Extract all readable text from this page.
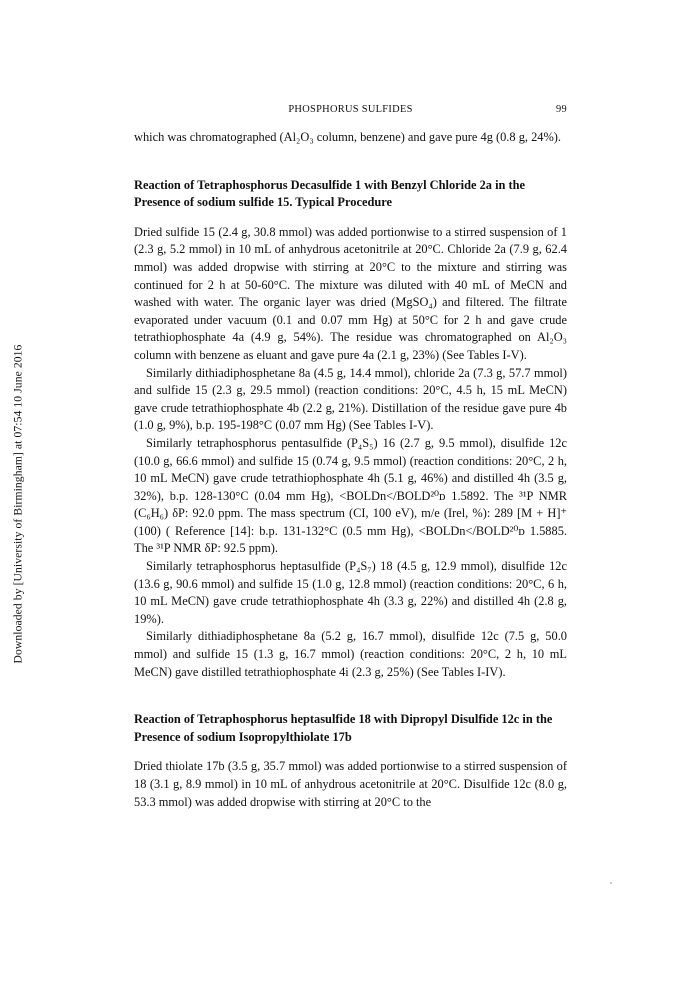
Downloaded by [University of Birmingham] at 07:54 10 June 2016
PHOSPHORUS SULFIDES	99

which was chromatographed (Al₂O₃ column, benzene) and gave pure 4g (0.8 g, 24%).

Reaction of Tetraphosphorus Decasulfide 1 with Benzyl Chloride 2a in the Presence of sodium sulfide 15. Typical Procedure

Dried sulfide 15 (2.4 g, 30.8 mmol) was added portionwise to a stirred suspension of 1 (2.3 g, 5.2 mmol) in 10 mL of anhydrous acetonitrile at 20°C. Chloride 2a (7.9 g, 62.4 mmol) was added dropwise with stirring at 20°C to the mixture and stirring was continued for 2 h at 50-60°C. The mixture was diluted with 40 mL of MeCN and washed with water. The organic layer was dried (MgSO₄) and filtered. The filtrate evaporated under vacuum (0.1 and 0.07 mm Hg) at 50°C for 2 h and gave crude tetrathiophosphate 4a (4.9 g, 54%). The residue was chromatographed on Al₂O₃ column with benzene as eluant and gave pure 4a (2.1 g, 23%) (See Tables I-V).

Similarly dithiadiphosphetane 8a (4.5 g, 14.4 mmol), chloride 2a (7.3 g, 57.7 mmol) and sulfide 15 (2.3 g, 29.5 mmol) (reaction conditions: 20°C, 4.5 h, 15 mL MeCN) gave crude tetrathiophosphate 4b (2.2 g, 21%). Distillation of the residue gave pure 4b (1.0 g, 9%), b.p. 195-198°C (0.07 mm Hg) (See Tables I-V).

Similarly tetraphosphorus pentasulfide (P₄S₅) 16 (2.7 g, 9.5 mmol), disulfide 12c (10.0 g, 66.6 mmol) and sulfide 15 (0.74 g, 9.5 mmol) (reaction conditions: 20°C, 2 h, 10 mL MeCN) gave crude tetrathiophosphate 4h (5.1 g, 46%) and distilled 4h (3.5 g, 32%), b.p. 128-130°C (0.04 mm Hg), <BOLDn</BOLD²⁰ᴅ 1.5892. The ³¹P NMR (C₆H₆) δP: 92.0 ppm. The mass spectrum (CI, 100 eV), m/e (Irel, %): 289 [M + H]⁺ (100) ( Reference [14]: b.p. 131-132°C (0.5 mm Hg), <BOLDn</BOLD²⁰ᴅ 1.5885. The ³¹P NMR δP: 92.5 ppm).

Similarly tetraphosphorus heptasulfide (P₄S₇) 18 (4.5 g, 12.9 mmol), disulfide 12c (13.6 g, 90.6 mmol) and sulfide 15 (1.0 g, 12.8 mmol) (reaction conditions: 20°C, 6 h, 10 mL MeCN) gave crude tetrathiophosphate 4h (3.3 g, 22%) and distilled 4h (2.8 g, 19%).

Similarly dithiadiphosphetane 8a (5.2 g, 16.7 mmol), disulfide 12c (7.5 g, 50.0 mmol) and sulfide 15 (1.3 g, 16.7 mmol) (reaction conditions: 20°C, 2 h, 10 mL MeCN) gave distilled tetrathiophosphate 4i (2.3 g, 25%) (See Tables I-IV).

Reaction of Tetraphosphorus heptasulfide 18 with Dipropyl Disulfide 12c in the Presence of sodium Isopropylthiolate 17b

Dried thiolate 17b (3.5 g, 35.7 mmol) was added portionwise to a stirred suspension of 18 (3.1 g, 8.9 mmol) in 10 mL of anhydrous acetonitrile at 20°C. Disulfide 12c (8.0 g, 53.3 mmol) was added dropwise with stirring at 20°C to the
